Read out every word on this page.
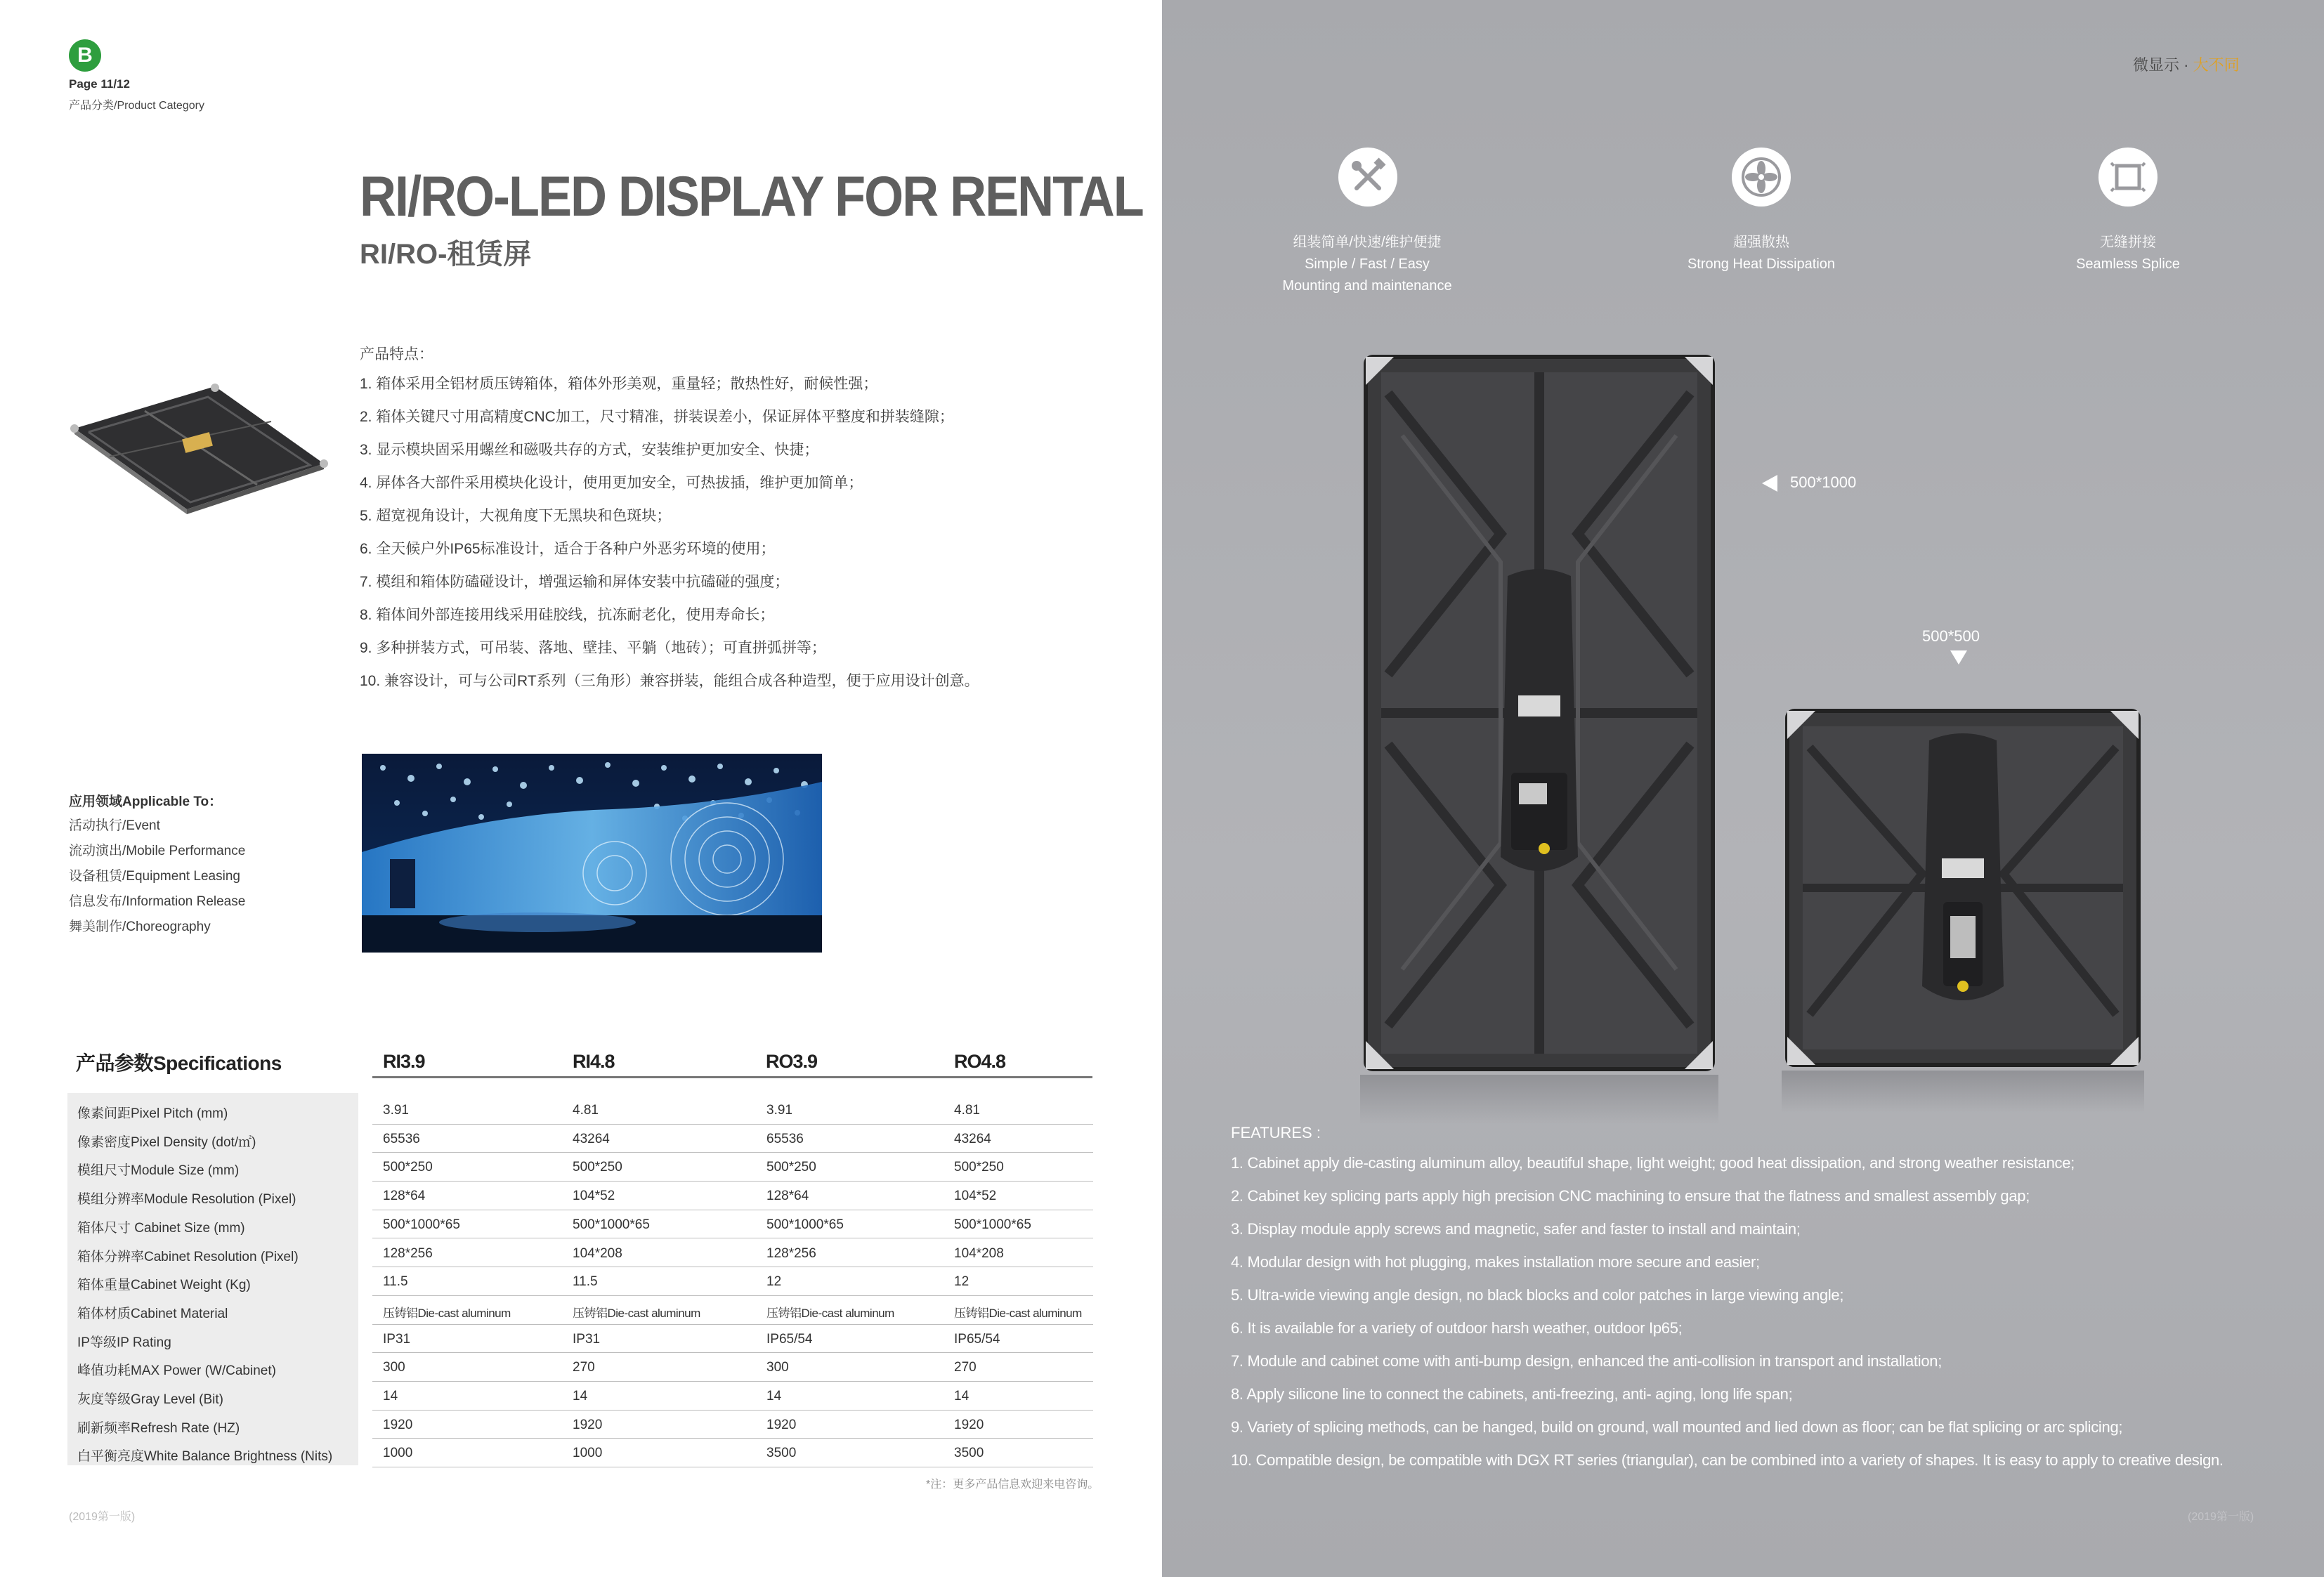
B
Page 11/12
产品分类/Product Category
RI/RO-LED DISPLAY FOR RENTAL
RI/RO-租赁屏
产品特点：
1. 箱体采用全铝材质压铸箱体，箱体外形美观，重量轻；散热性好，耐候性强；
2. 箱体关键尺寸用高精度CNC加工，尺寸精准，拼装误差小，保证屏体平整度和拼装缝隙；
3. 显示模块固采用螺丝和磁吸共存的方式，安装维护更加安全、快捷；
4. 屏体各大部件采用模块化设计，使用更加安全，可热拔插，维护更加简单；
5. 超宽视角设计，大视角度下无黑块和色斑块；
6. 全天候户外IP65标准设计，适合于各种户外恶劣环境的使用；
7. 模组和箱体防磕碰设计，增强运输和屏体安装中抗磕碰的强度；
8. 箱体间外部连接用线采用硅胶线，抗冻耐老化，使用寿命长；
9. 多种拼装方式，可吊装、落地、壁挂、平躺（地砖）；可直拼弧拼等；
10. 兼容设计，可与公司RT系列（三角形）兼容拼装，能组合成各种造型，便于应用设计创意。
应用领域Applicable To：
活动执行/Event
流动演出/Mobile Performance
设备租赁/Equipment Leasing
信息发布/Information Release
舞美制作/Choreography
产品参数Specifications	RI3.9	RI4.8	RO3.9	RO4.8
像素间距Pixel Pitch (mm)	3.91	4.81	3.91	4.81
像素密度Pixel Density (dot/㎡)	65536	43264	65536	43264
模组尺寸Module Size (mm)	500*250	500*250	500*250	500*250
模组分辨率Module Resolution (Pixel)	128*64	104*52	128*64	104*52
箱体尺寸 Cabinet Size (mm)	500*1000*65	500*1000*65	500*1000*65	500*1000*65
箱体分辨率Cabinet Resolution (Pixel)	128*256	104*208	128*256	104*208
箱体重量Cabinet Weight (Kg)	11.5	11.5	12	12
箱体材质Cabinet Material	压铸铝Die-cast aluminum	压铸铝Die-cast aluminum	压铸铝Die-cast aluminum	压铸铝Die-cast aluminum
IP等级IP Rating	IP31	IP31	IP65/54	IP65/54
峰值功耗MAX Power (W/Cabinet)	300	270	300	270
灰度等级Gray Level (Bit)	14	14	14	14
刷新频率Refresh Rate (HZ)	1920	1920	1920	1920
白平衡亮度White Balance Brightness (Nits)	1000	1000	3500	3500
*注：更多产品信息欢迎来电咨询。
(2019第一版)
微显示 · 大不同
组装简单/快速/维护便捷
Simple / Fast / Easy
Mounting and maintenance
超强散热
Strong Heat Dissipation
无缝拼接
Seamless Splice
500*1000
500*500
(2019第一版)
FEATURES :
1. Cabinet apply die-casting aluminum alloy, beautiful shape, light weight; good heat dissipation, and strong weather resistance;
2. Cabinet key splicing parts apply high precision CNC machining to ensure that the flatness and smallest assembly gap;
3. Display module apply screws and magnetic, safer and faster to install and maintain;
4. Modular design with hot plugging, makes installation more secure and easier;
5. Ultra-wide viewing angle design, no black blocks and color patches in large viewing angle;
6. It is available for a variety of outdoor harsh weather, outdoor Ip65;
7. Module and cabinet come with anti-bump design, enhanced the anti-collision in transport and installation;
8. Apply silicone line to connect the cabinets, anti-freezing, anti- aging, long life span;
9. Variety of splicing methods, can be hanged, build on ground, wall mounted and lied down as floor; can be flat splicing or arc splicing;
10. Compatible design, be compatible with DGX RT series (triangular), can be combined into a variety of shapes. It is easy to apply to creative design.
